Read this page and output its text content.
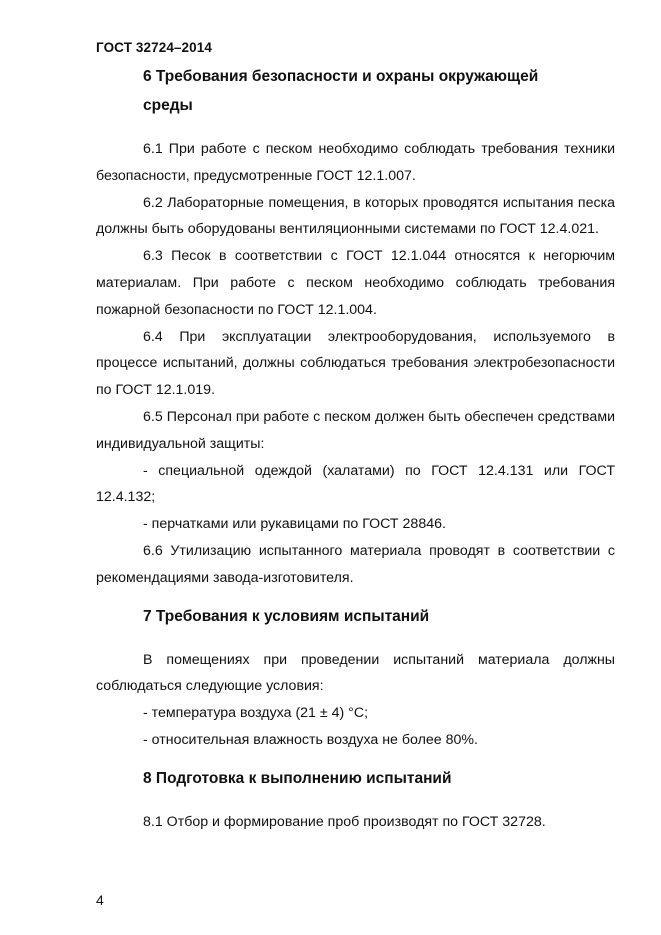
ГОСТ 32724–2014
6 Требования безопасности и охраны окружающей
среды

6.1 При работе с песком необходимо соблюдать требования техники безопасности, предусмотренные ГОСТ 12.1.007.

6.2 Лабораторные помещения, в которых проводятся испытания песка должны быть оборудованы вентиляционными системами по ГОСТ 12.4.021.

6.3 Песок в соответствии с ГОСТ 12.1.044 относятся к негорючим материалам. При работе с песком необходимо соблюдать требования пожарной безопасности по ГОСТ 12.1.004.

6.4 При эксплуатации электрооборудования, используемого в процессе испытаний, должны соблюдаться требования электробезопасности по ГОСТ 12.1.019.

6.5 Персонал при работе с песком должен быть обеспечен средствами индивидуальной защиты:

- специальной одеждой (халатами) по ГОСТ 12.4.131 или ГОСТ 12.4.132;

- перчатками или рукавицами по ГОСТ 28846.

6.6 Утилизацию испытанного материала проводят в соответствии с рекомендациями завода-изготовителя.

7 Требования к условиям испытаний

В помещениях при проведении испытаний материала должны соблюдаться следующие условия:

- температура воздуха (21 ± 4) °С;

- относительная влажность воздуха не более 80%.

8 Подготовка к выполнению испытаний

8.1 Отбор и формирование проб производят по ГОСТ 32728.

4
